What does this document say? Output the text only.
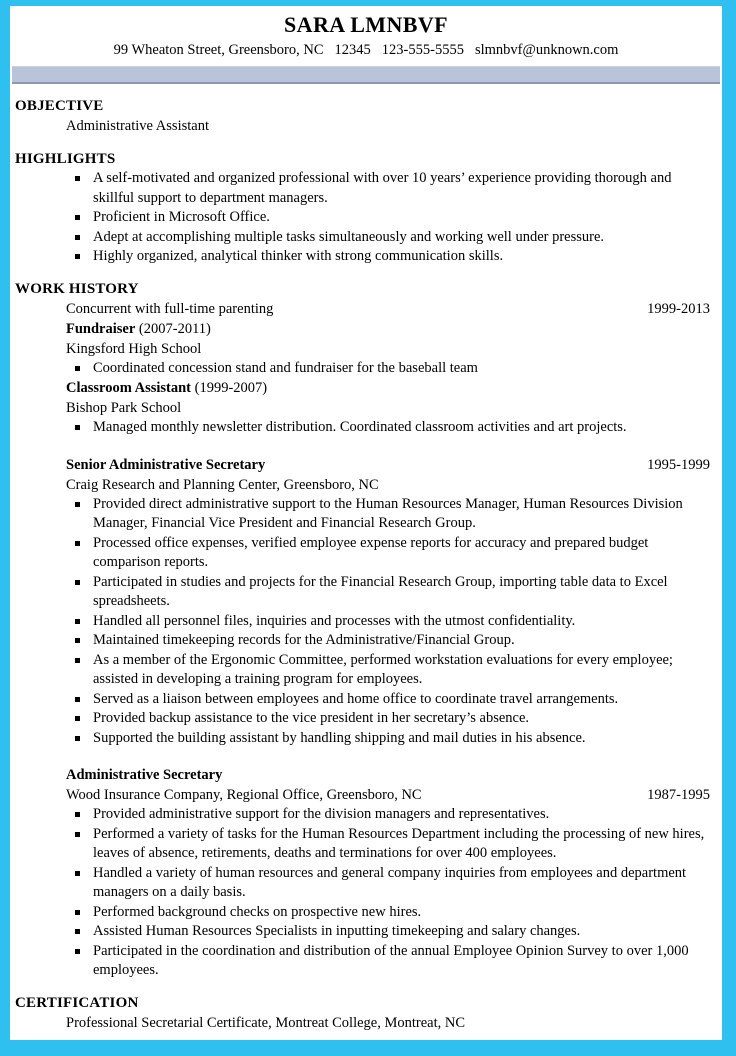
SARA LMNBVF
99 Wheaton Street, Greensboro, NC 12345 123-555-5555 slmnbvf@unknown.com
OBJECTIVE
Administrative Assistant
HIGHLIGHTS
A self-motivated and organized professional with over 10 years’ experience providing thorough and skillful support to department managers.
Proficient in Microsoft Office.
Adept at accomplishing multiple tasks simultaneously and working well under pressure.
Highly organized, analytical thinker with strong communication skills.
WORK HISTORY
Concurrent with full-time parenting	1999-2013
Fundraiser (2007-2011)
Kingsford High School
Coordinated concession stand and fundraiser for the baseball team
Classroom Assistant (1999-2007)
Bishop Park School
Managed monthly newsletter distribution. Coordinated classroom activities and art projects.
Senior Administrative Secretary	1995-1999
Craig Research and Planning Center, Greensboro, NC
Provided direct administrative support to the Human Resources Manager, Human Resources Division Manager, Financial Vice President and Financial Research Group.
Processed office expenses, verified employee expense reports for accuracy and prepared budget comparison reports.
Participated in studies and projects for the Financial Research Group, importing table data to Excel spreadsheets.
Handled all personnel files, inquiries and processes with the utmost confidentiality.
Maintained timekeeping records for the Administrative/Financial Group.
As a member of the Ergonomic Committee, performed workstation evaluations for every employee; assisted in developing a training program for employees.
Served as a liaison between employees and home office to coordinate travel arrangements.
Provided backup assistance to the vice president in her secretary’s absence.
Supported the building assistant by handling shipping and mail duties in his absence.
Administrative Secretary
Wood Insurance Company, Regional Office, Greensboro, NC	1987-1995
Provided administrative support for the division managers and representatives.
Performed a variety of tasks for the Human Resources Department including the processing of new hires, leaves of absence, retirements, deaths and terminations for over 400 employees.
Handled a variety of human resources and general company inquiries from employees and department managers on a daily basis.
Performed background checks on prospective new hires.
Assisted Human Resources Specialists in inputting timekeeping and salary changes.
Participated in the coordination and distribution of the annual Employee Opinion Survey to over 1,000 employees.
CERTIFICATION
Professional Secretarial Certificate, Montreat College, Montreat, NC
